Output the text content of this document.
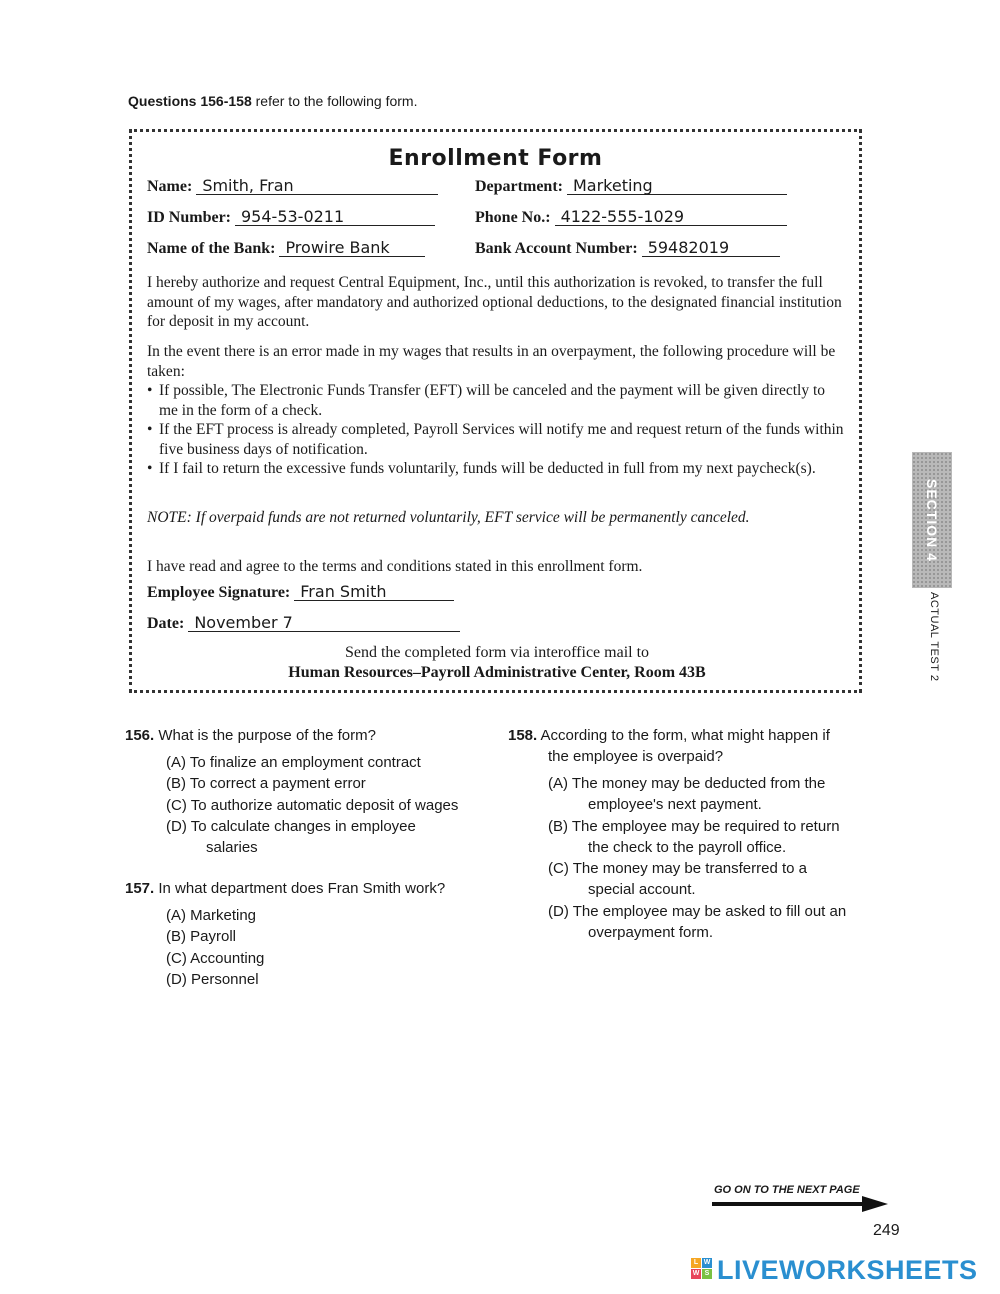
Questions 156-158 refer to the following form.
Enrollment Form
Name: Smith, Fran	Department: Marketing
ID Number: 954-53-0211	Phone No.: 4122-555-1029
Name of the Bank: Prowire Bank	Bank Account Number: 59482019

I hereby authorize and request Central Equipment, Inc., until this authorization is revoked, to transfer the full amount of my wages, after mandatory and authorized optional deductions, to the designated financial institution for deposit in my account.

In the event there is an error made in my wages that results in an overpayment, the following procedure will be taken:

• If possible, The Electronic Funds Transfer (EFT) will be canceled and the payment will be given directly to me in the form of a check.

• If the EFT process is already completed, Payroll Services will notify me and request return of the funds within five business days of notification.

• If I fail to return the excessive funds voluntarily, funds will be deducted in full from my next paycheck(s).

NOTE: If overpaid funds are not returned voluntarily, EFT service will be permanently canceled.

I have read and agree to the terms and conditions stated in this enrollment form.

Employee Signature: Fran Smith
Date: November 7

Send the completed form via interoffice mail to

Human Resources–Payroll Administrative Center, Room 43B

156. What is the purpose of the form?
(A) To finalize an employment contract
(B) To correct a payment error
(C) To authorize automatic deposit of wages
(D) To calculate changes in employee
salaries
157. In what department does Fran Smith work?
(A) Marketing
(B) Payroll
(C) Accounting
(D) Personnel
158. According to the form, what might happen if
the employee is overpaid?
(A) The money may be deducted from the
employee's next payment.
(B) The employee may be required to return
the check to the payroll office.
(C) The money may be transferred to a
special account.
(D) The employee may be asked to fill out an
overpayment form.
SECTION 4
ACTUAL TEST 2
GO ON TO THE NEXT PAGE
249
L W
W S LIVEWORKSHEETS
